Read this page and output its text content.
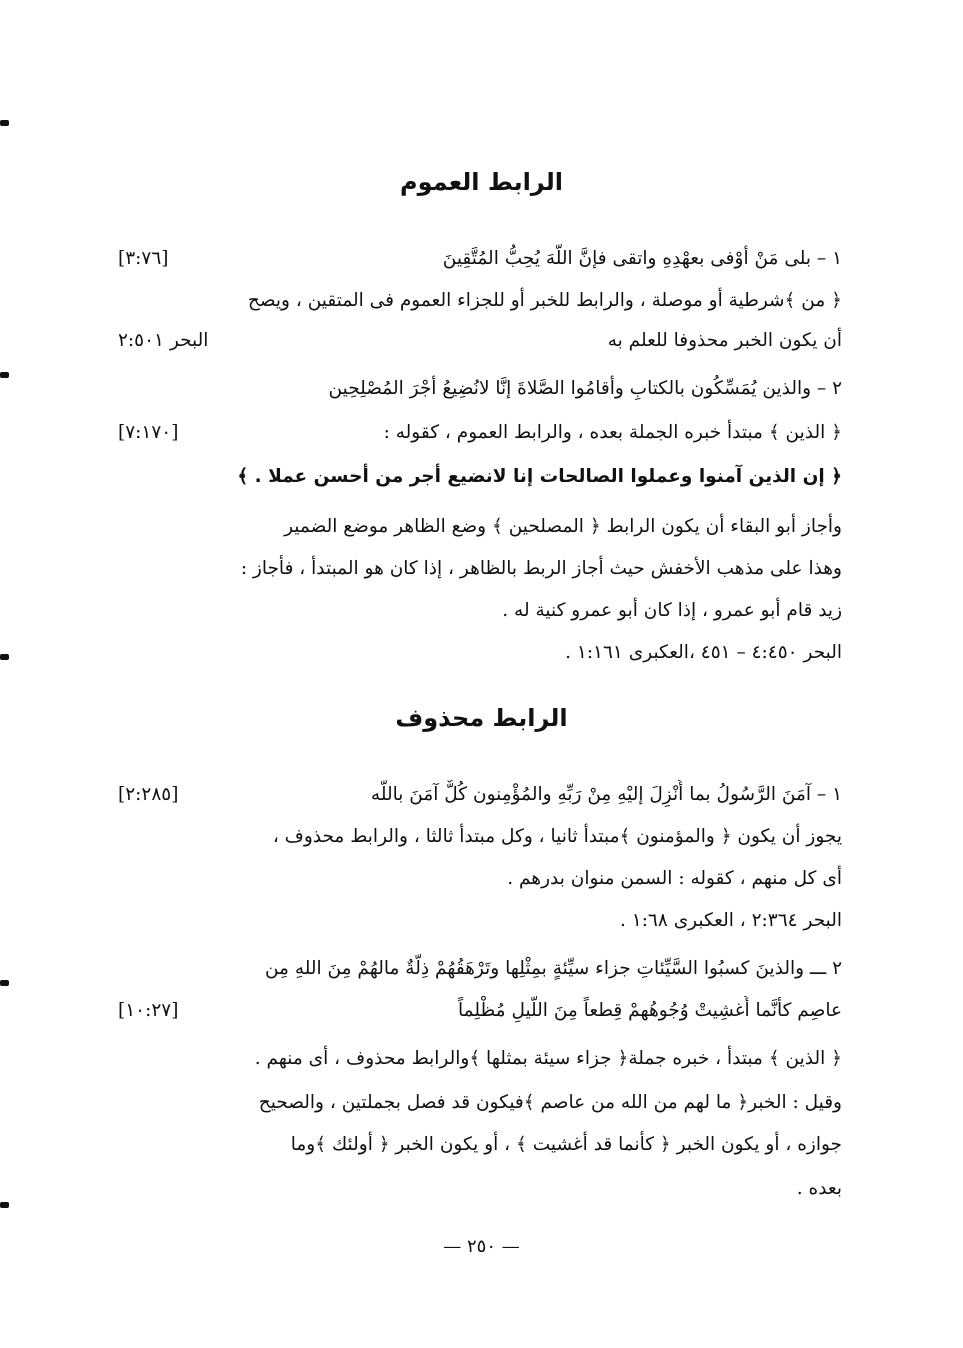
الرابط العموم
١ – بلى مَنْ أوْفى بعهْدِهِ واتقى فإنَّ اللَّهَ يُحِبُّ المُتَّقِينَ
[٣:٧٦]
﴿ من ﴾شرطية أو موصلة ، والرابط للخبر أو للجزاء العموم فى المتقين ، ويصح
أن يكون الخبر محذوفا للعلم به
البحر ٢:٥٠١
٢ – والذين يُمَسِّكُون بالكتابِ وأقامُوا الصَّلاةَ إنَّا لانُضِيعُ أجْرَ المُصْلِحِين
﴿ الذين ﴾ مبتدأ خبره الجملة بعده ، والرابط العموم ، كقوله :
[٧:١٧٠]
﴿ إن الذين آمنوا وعملوا الصالحات إنا لانضيع أجر من أحسن عملا . ﴾
وأجاز أبو البقاء أن يكون الرابط ﴿ المصلحين ﴾ وضع الظاهر موضع الضمير
وهذا على مذهب الأخفش حيث أجاز الربط بالظاهر ، إذا كان هو المبتدأ ، فأجاز :
زيد قام أبو عمرو ، إذا كان أبو عمرو كنية له .
البحر ٤:٤٥٠ – ٤٥١ ،العكبرى ١:١٦١ .
الرابط محذوف
١ – آمَنَ الرَّسُولُ بما أُنْزِلَ إليْهِ مِنْ رَبِّهِ والمُؤْمِنون كُلٌّ آمَنَ باللَّه
[٢:٢٨٥]
يجوز أن يكون ﴿ والمؤمنون ﴾مبتدأ ثانيا ، وكل مبتدأ ثالثا ، والرابط محذوف ،
أى كل منهم ، كقوله : السمن منوان بدرهم .
البحر ٢:٣٦٤ ، العكبرى ١:٦٨ .
٢ ـــ والذينَ كسبُوا السَّيِّئاتِ جزاء سيِّئةٍ بمِثْلِها وتَرْهَقُهُمْ ذِلَّةٌ مالهُمْ مِنَ اللهِ مِن
عاصِم كأنَّما أُغشِيتْ وُجُوهُهمْ قِطعاً مِنَ اللَّيلِ مُظْلِماً
[١٠:٢٧]
﴿ الذين ﴾ مبتدأ ، خبره جملة﴿ جزاء سيئة بمثلها ﴾والرابط محذوف ، أى منهم .
وقيل : الخبر﴿ ما لهم من الله من عاصم ﴾فيكون قد فصل بجملتين ، والصحيح
جوازه ، أو يكون الخبر ﴿ كأنما قد أغشيت ﴾ ، أو يكون الخبر ﴿ أولئك ﴾وما
بعده .
— ٢٥٠ —
